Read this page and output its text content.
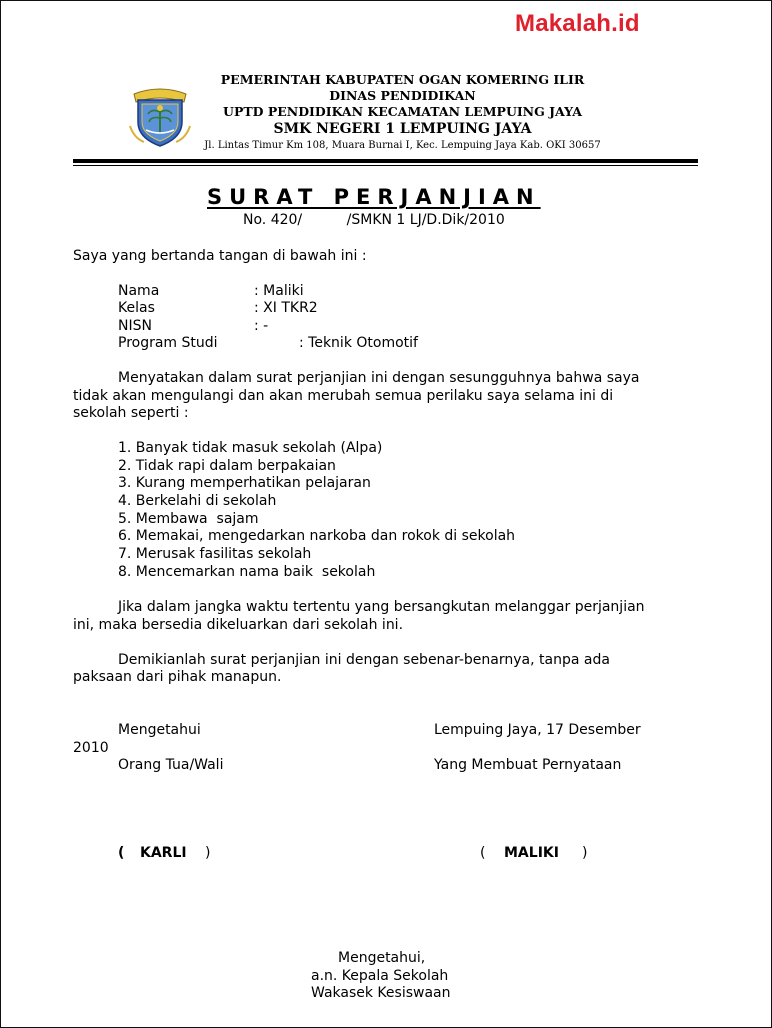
Makalah.id
PEMERINTAH KABUPATEN OGAN KOMERING ILIR
DINAS PENDIDIKAN
UPTD PENDIDIKAN KECAMATAN LEMPUING JAYA
SMK NEGERI 1 LEMPUING JAYA
Jl. Lintas Timur Km 108, Muara Burnai I, Kec. Lempuing Jaya Kab. OKI 30657
SURAT PERJANJIAN
No. 420/          /SMKN 1 LJ/D.Dik/2010
Saya yang bertanda tangan di bawah ini :
Nama	: Maliki
Kelas	: XI TKR2
NISN	: -
Program Studi	: Teknik Otomotif
Menyatakan dalam surat perjanjian ini dengan sesungguhnya bahwa saya
tidak akan mengulangi dan akan merubah semua perilaku saya selama ini di
sekolah seperti :
1. Banyak tidak masuk sekolah (Alpa)
2. Tidak rapi dalam berpakaian
3. Kurang memperhatikan pelajaran
4. Berkelahi di sekolah
5. Membawa  sajam
6. Memakai, mengedarkan narkoba dan rokok di sekolah
7. Merusak fasilitas sekolah
8. Mencemarkan nama baik  sekolah
Jika dalam jangka waktu tertentu yang bersangkutan melanggar perjanjian
ini, maka bersedia dikeluarkan dari sekolah ini.
Demikianlah surat perjanjian ini dengan sebenar-benarnya, tanpa ada
paksaan dari pihak manapun.
Mengetahui	Lempuing Jaya, 17 Desember
2010
Orang Tua/Wali	Yang Membuat Pernyataan
( KARLI )	( MALIKI )
Mengetahui,
a.n. Kepala Sekolah
Wakasek Kesiswaan
